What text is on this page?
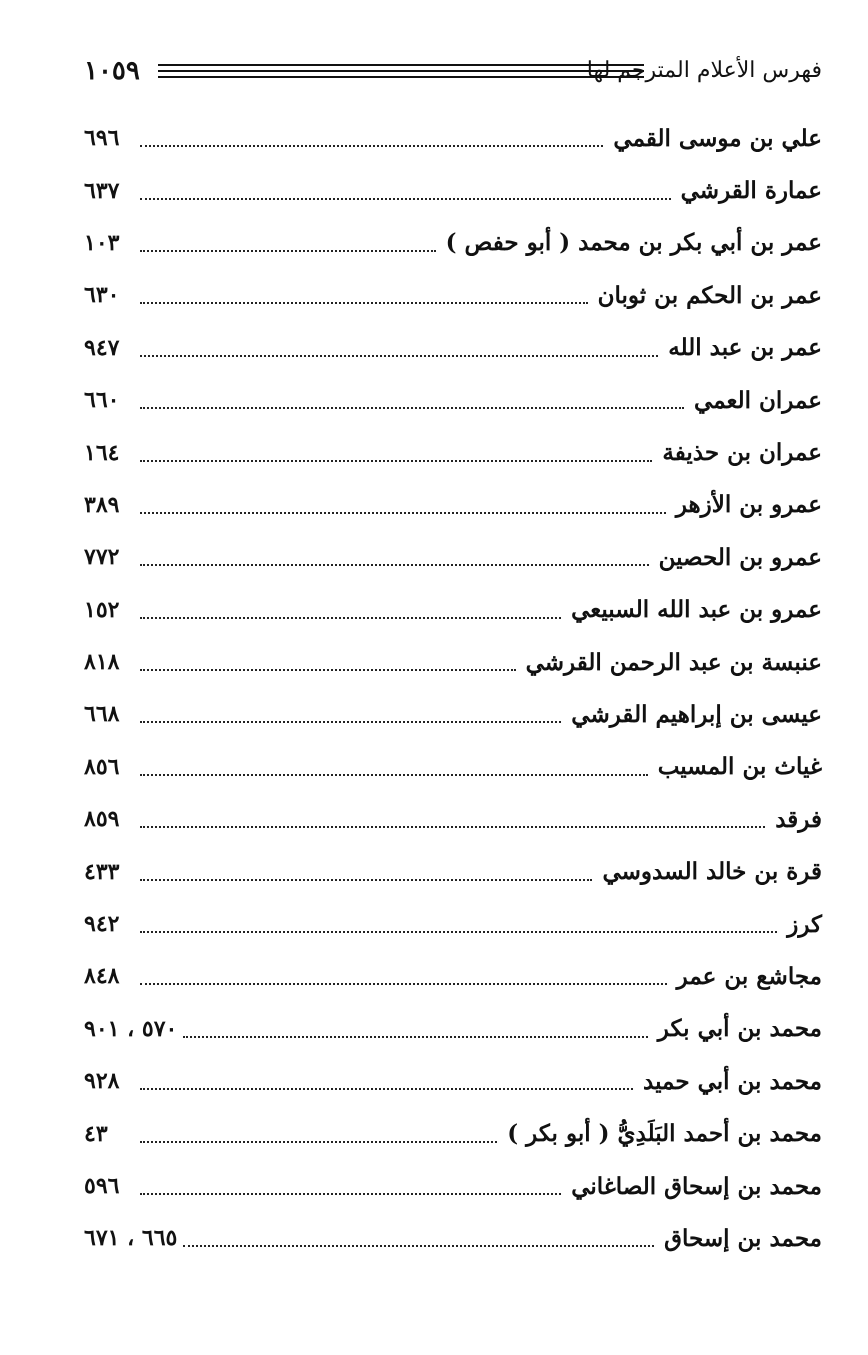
١٠٥٩	فهرس الأعلام المترجم لها
علي بن موسى القمي
٦٩٦
عمارة القرشي
٦٣٧
عمر بن أبي بكر بن محمد ( أبو حفص )
١٠٣
عمر بن الحكم بن ثوبان
٦٣٠
عمر بن عبد الله
٩٤٧
عمران العمي
٦٦٠
عمران بن حذيفة
١٦٤
عمرو بن الأزهر
٣٨٩
عمرو بن الحصين
٧٧٢
عمرو بن عبد الله السبيعي
١٥٢
عنبسة بن عبد الرحمن القرشي
٨١٨
عيسى بن إبراهيم القرشي
٦٦٨
غياث بن المسيب
٨٥٦
فرقد
٨٥٩
قرة بن خالد السدوسي
٤٣٣
كرز
٩٤٢
مجاشع بن عمر
٨٤٨
محمد بن أبي بكر
٥٧٠ ، ٩٠١
محمد بن أبي حميد
٩٢٨
محمد بن أحمد البَلَدِيُّ ( أبو بكر )
٤٣
محمد بن إسحاق الصاغاني
٥٩٦
محمد بن إسحاق
٦٦٥ ، ٦٧١
